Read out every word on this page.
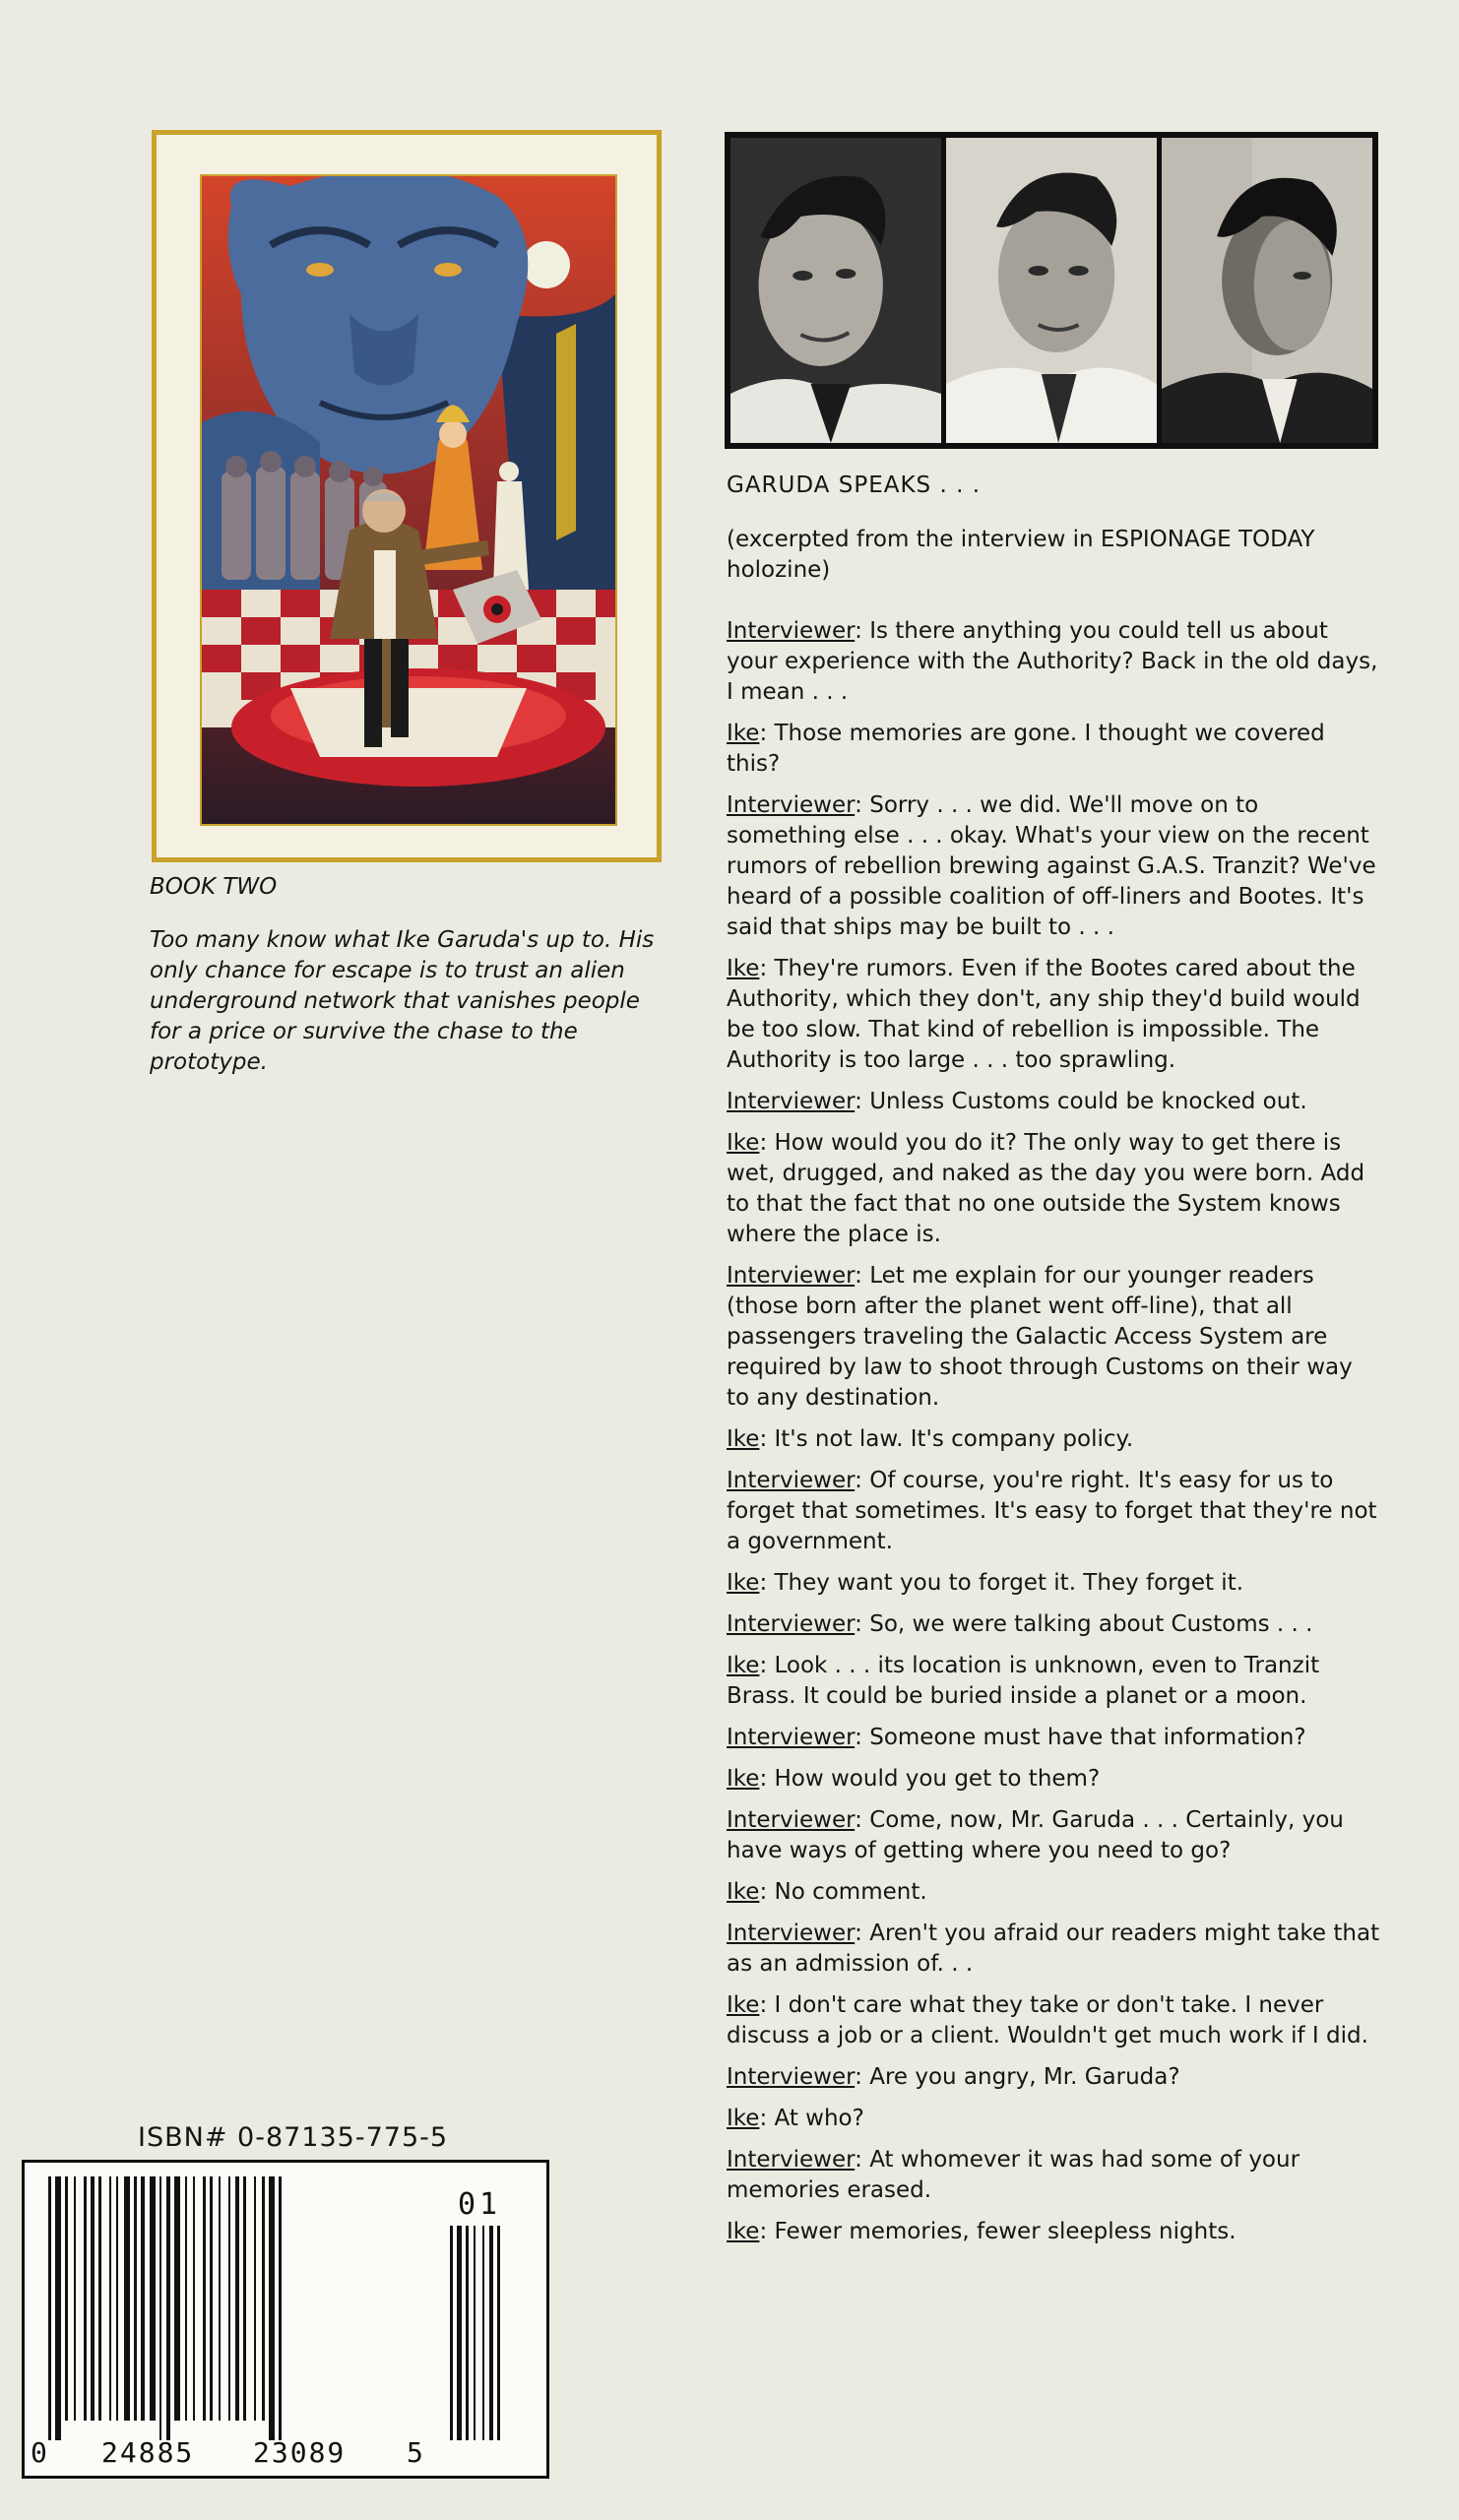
BOOK TWO

Too many know what Ike Garuda's up to. His only chance for escape is to trust an alien underground network that vanishes people for a price or survive the chase to the prototype.

GARUDA SPEAKS . . .
(excerpted from the interview in ESPIONAGE TODAY holozine)

Interviewer: Is there anything you could tell us about your experience with the Authority? Back in the old days, I mean . . .

Ike: Those memories are gone. I thought we covered this?

Interviewer: Sorry . . . we did. We'll move on to something else . . . okay. What's your view on the recent rumors of rebellion brewing against G.A.S. Tranzit? We've heard of a possible coalition of off-liners and Bootes. It's said that ships may be built to . . .

Ike: They're rumors. Even if the Bootes cared about the Authority, which they don't, any ship they'd build would be too slow. That kind of rebellion is impossible. The Authority is too large . . . too sprawling.

Interviewer: Unless Customs could be knocked out.

Ike: How would you do it? The only way to get there is wet, drugged, and naked as the day you were born. Add to that the fact that no one outside the System knows where the place is.

Interviewer: Let me explain for our younger readers (those born after the planet went off-line), that all passengers traveling the Galactic Access System are required by law to shoot through Customs on their way to any destination.

Ike: It's not law. It's company policy.

Interviewer: Of course, you're right. It's easy for us to forget that sometimes. It's easy to forget that they're not a government.

Ike: They want you to forget it. They forget it.

Interviewer: So, we were talking about Customs . . .

Ike: Look . . . its location is unknown, even to Tranzit Brass. It could be buried inside a planet or a moon.

Interviewer: Someone must have that information?

Ike: How would you get to them?

Interviewer: Come, now, Mr. Garuda . . . Certainly, you have ways of getting where you need to go?

Ike: No comment.

Interviewer: Aren't you afraid our readers might take that as an admission of. . .

Ike: I don't care what they take or don't take. I never discuss a job or a client. Wouldn't get much work if I did.

Interviewer: Are you angry, Mr. Garuda?

Ike: At who?

Interviewer: At whomever it was had some of your memories erased.

Ike: Fewer memories, fewer sleepless nights.

ISBN# 0-87135-775-5
0 24885 23089 5
01
